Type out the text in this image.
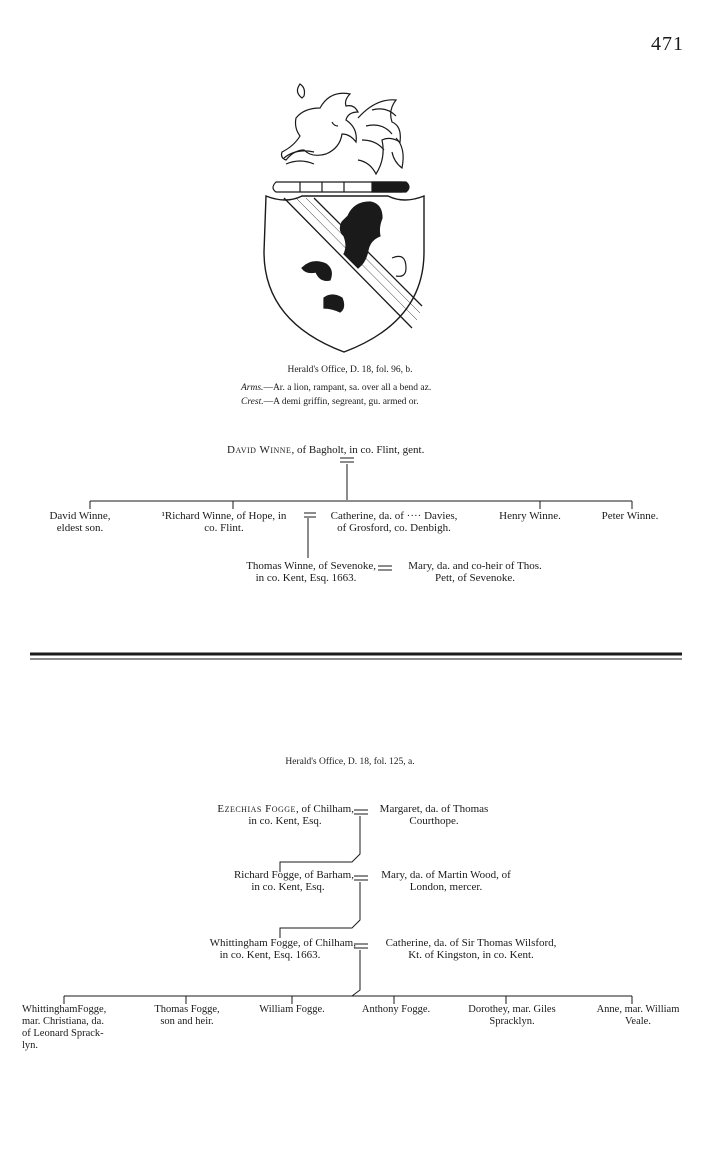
471
Herald's Office, D. 18, fol. 96, b.
Arms.—Ar. a lion, rampant, sa. over all a bend az.
Crest.—A demi griffin, segreant, gu. armed or.
David Winne, of Bagholt, in co. Flint, gent.
David Winne,
eldest son.
¹Richard Winne, of Hope, in
co. Flint.
Catherine, da. of ···· Davies,
of Grosford, co. Denbigh.
Henry Winne.	Peter Winne.
Thomas Winne, of Sevenoke,
in co. Kent, Esq. 1663.
Mary, da. and co-heir of Thos.
Pett, of Sevenoke.
Herald's Office, D. 18, fol. 125, a.
Ezechias Fogge, of Chilham,
in co. Kent, Esq.
Margaret, da. of Thomas
Courthope.
Richard Fogge, of Barham,
in co. Kent, Esq.
Mary, da. of Martin Wood, of
London, mercer.
Whittingham Fogge, of Chilham,
in co. Kent, Esq. 1663.
Catherine, da. of Sir Thomas Wilsford,
Kt. of Kingston, in co. Kent.
WhittinghamFogge,
mar. Christiana, da.
of Leonard Sprack-
lyn.
Thomas Fogge,
son and heir.
William Fogge.	Anthony Fogge.	Dorothey, mar. Giles
Spracklyn.
Anne, mar. William
Veale.
